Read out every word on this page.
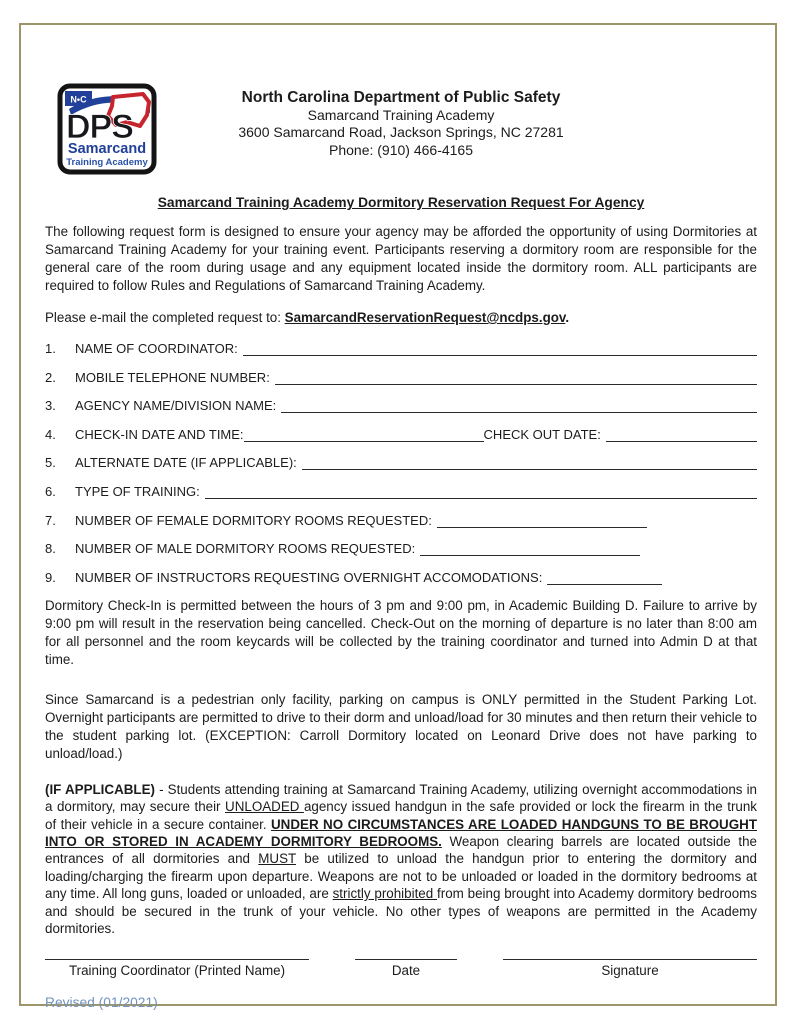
N•C
DPS
Samarcand
Training Academy
North Carolina Department of Public Safety
Samarcand Training Academy
3600 Samarcand Road, Jackson Springs, NC 27281
Phone: (910) 466-4165
Samarcand Training Academy Dormitory Reservation Request For Agency

The following request form is designed to ensure your agency may be afforded the opportunity of using Dormitories at Samarcand Training Academy for your training event. Participants reserving a dormitory room are responsible for the general care of the room during usage and any equipment located inside the dormitory room. ALL participants are required to follow Rules and Regulations of Samarcand Training Academy.

Please e-mail the completed request to: SamarcandReservationRequest@ncdps.gov.

1.	NAME OF COORDINATOR:
2.	MOBILE TELEPHONE NUMBER:
3.	AGENCY NAME/DIVISION NAME:
4.	CHECK-IN DATE AND TIME:	CHECK OUT DATE:
5.	ALTERNATE DATE (IF APPLICABLE):
6.	TYPE OF TRAINING:
7.	NUMBER OF FEMALE DORMITORY ROOMS REQUESTED:
8.	NUMBER OF MALE DORMITORY ROOMS REQUESTED:
9.	NUMBER OF INSTRUCTORS REQUESTING OVERNIGHT ACCOMODATIONS:

Dormitory Check-In is permitted between the hours of 3 pm and 9:00 pm, in Academic Building D. Failure to arrive by 9:00 pm will result in the reservation being cancelled. Check-Out on the morning of departure is no later than 8:00 am for all personnel and the room keycards will be collected by the training coordinator and turned into Admin D at that time.

Since Samarcand is a pedestrian only facility, parking on campus is ONLY permitted in the Student Parking Lot. Overnight participants are permitted to drive to their dorm and unload/load for 30 minutes and then return their vehicle to the student parking lot. (EXCEPTION: Carroll Dormitory located on Leonard Drive does not have parking to unload/load.)

(IF APPLICABLE) - Students attending training at Samarcand Training Academy, utilizing overnight accommodations in a dormitory, may secure their UNLOADED agency issued handgun in the safe provided or lock the firearm in the trunk of their vehicle in a secure container. UNDER NO CIRCUMSTANCES ARE LOADED HANDGUNS TO BE BROUGHT INTO OR STORED IN ACADEMY DORMITORY BEDROOMS. Weapon clearing barrels are located outside the entrances of all dormitories and MUST be utilized to unload the handgun prior to entering the dormitory and loading/charging the firearm upon departure. Weapons are not to be unloaded or loaded in the dormitory bedrooms at any time. All long guns, loaded or unloaded, are strictly prohibited from being brought into Academy dormitory bedrooms and should be secured in the trunk of your vehicle. No other types of weapons are permitted in the Academy dormitories.

Training Coordinator (Printed Name)	Date	Signature
Revised (01/2021)
